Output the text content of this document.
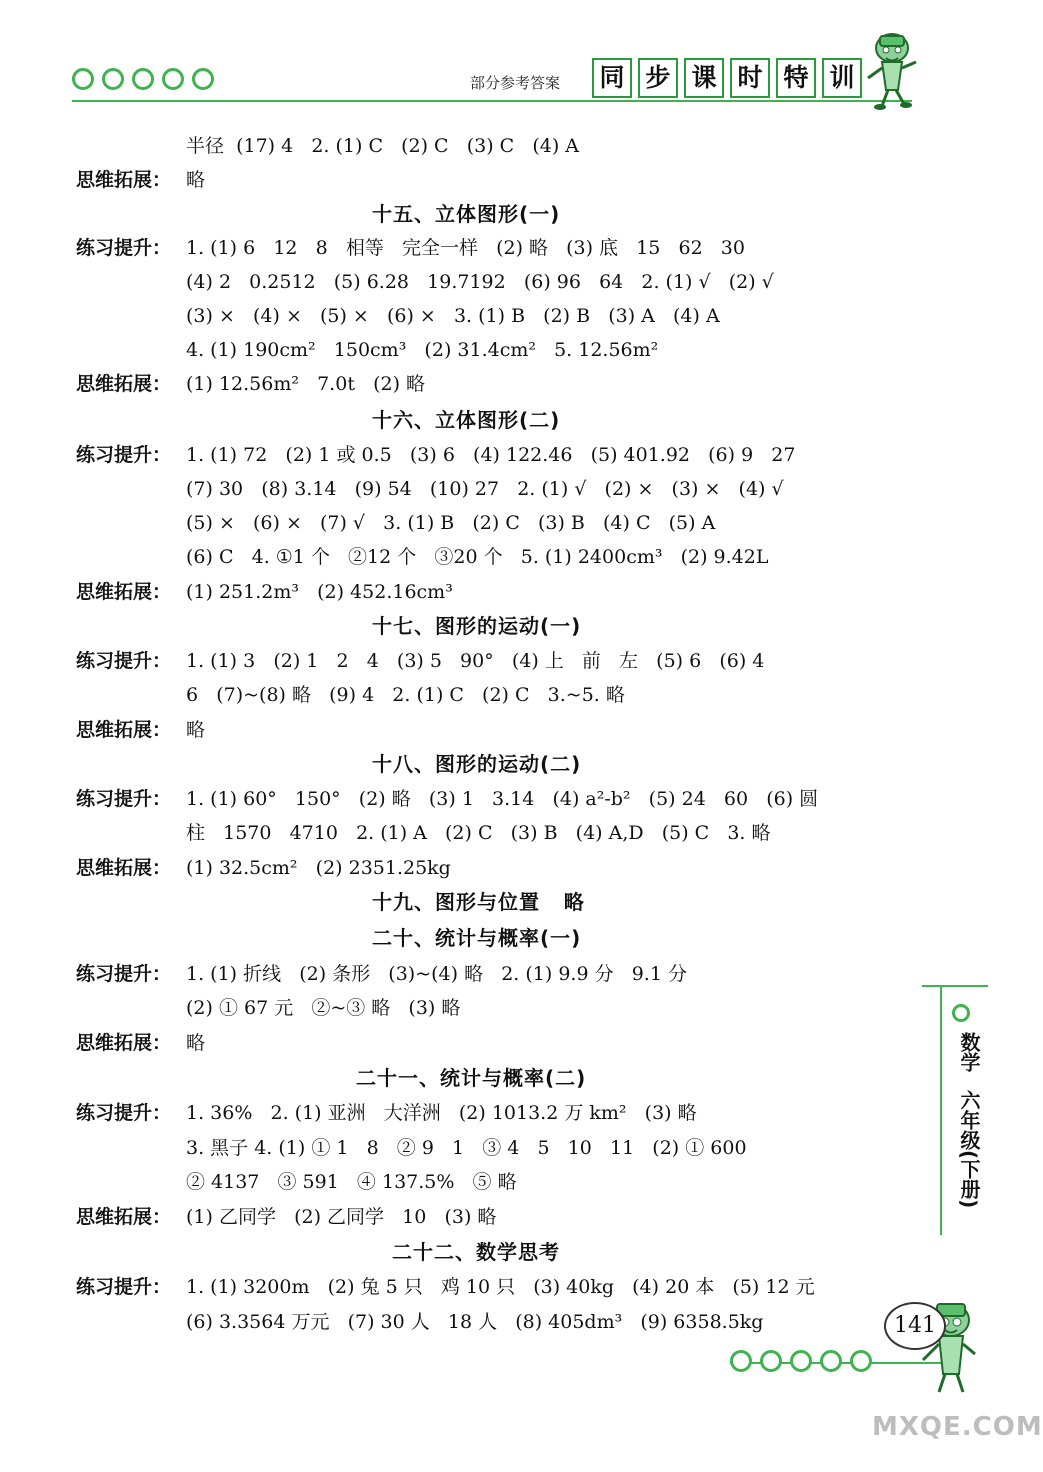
部分参考答案 同 步 课 时 特 训
半径  (17) 4   2. (1) C   (2) C   (3) C   (4) A
思维拓展： 略
十五、立体图形(一)
练习提升： 1. (1) 6   12   8   相等   完全一样   (2) 略   (3) 底   15   62   30
(4) 2   0.2512   (5) 6.28   19.7192   (6) 96   64   2. (1) √   (2) √
(3) ×   (4) ×   (5) ×   (6) ×   3. (1) B   (2) B   (3) A   (4) A
4. (1) 190cm²   150cm³   (2) 31.4cm²   5. 12.56m²
思维拓展： (1) 12.56m²   7.0t   (2) 略
十六、立体图形(二)
练习提升： 1. (1) 72   (2) 1 或 0.5   (3) 6   (4) 122.46   (5) 401.92   (6) 9   27
(7) 30   (8) 3.14   (9) 54   (10) 27   2. (1) √   (2) ×   (3) ×   (4) √
(5) ×   (6) ×   (7) √   3. (1) B   (2) C   (3) B   (4) C   (5) A
(6) C   4. ①1 个   ②12 个   ③20 个   5. (1) 2400cm³   (2) 9.42L
思维拓展： (1) 251.2m³   (2) 452.16cm³
十七、图形的运动(一)
练习提升： 1. (1) 3   (2) 1   2   4   (3) 5   90°   (4) 上   前   左   (5) 6   (6) 4
6   (7)~(8) 略   (9) 4   2. (1) C   (2) C   3.~5. 略
思维拓展： 略
十八、图形的运动(二)
练习提升： 1. (1) 60°   150°   (2) 略   (3) 1   3.14   (4) a²-b²   (5) 24   60   (6) 圆
柱   1570   4710   2. (1) A   (2) C   (3) B   (4) A,D   (5) C   3. 略
思维拓展： (1) 32.5cm²   (2) 2351.25kg
十九、图形与位置   略
二十、统计与概率(一)
练习提升： 1. (1) 折线   (2) 条形   (3)~(4) 略   2. (1) 9.9 分   9.1 分
(2) ① 67 元   ②~③ 略   (3) 略
思维拓展： 略
二十一、统计与概率(二)
练习提升： 1. 36%   2. (1) 亚洲   大洋洲   (2) 1013.2 万 km²   (3) 略
3. 黑子 4. (1) ① 1   8   ② 9   1   ③ 4   5   10   11   (2) ① 600
② 4137   ③ 591   ④ 137.5%   ⑤ 略
思维拓展： (1) 乙同学   (2) 乙同学   10   (3) 略
二十二、数学思考
练习提升： 1. (1) 3200m   (2) 兔 5 只   鸡 10 只   (3) 40kg   (4) 20 本   (5) 12 元
(6) 3.3564 万元   (7) 30 人   18 人   (8) 405dm³   (9) 6358.5kg
数学
六年级(下册)
141
MXQE.COM
